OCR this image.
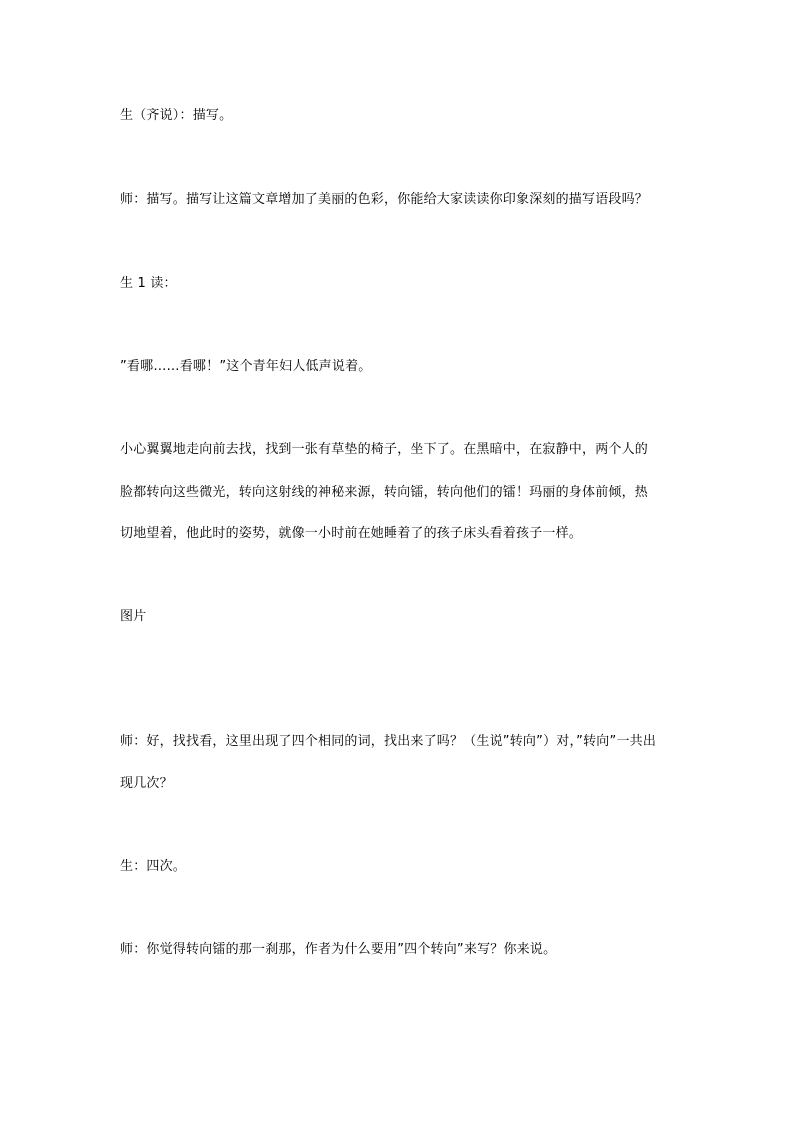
生（齐说）：描写。
师：描写。描写让这篇文章增加了美丽的色彩，你能给大家读读你印象深刻的描写语段吗？
生 1 读：
”看哪……看哪！”这个青年妇人低声说着。
小心翼翼地走向前去找，找到一张有草垫的椅子，坐下了。在黑暗中，在寂静中，两个人的
脸都转向这些微光，转向这射线的神秘来源，转向镭，转向他们的镭！玛丽的身体前倾，热
切地望着，他此时的姿势，就像一小时前在她睡着了的孩子床头看着孩子一样。
图片
师：好，找找看，这里出现了四个相同的词，找出来了吗？（生说”转向”）对，”转向”一共出
现几次？
生：四次。
师：你觉得转向镭的那一刹那，作者为什么要用”四个转向”来写？你来说。
